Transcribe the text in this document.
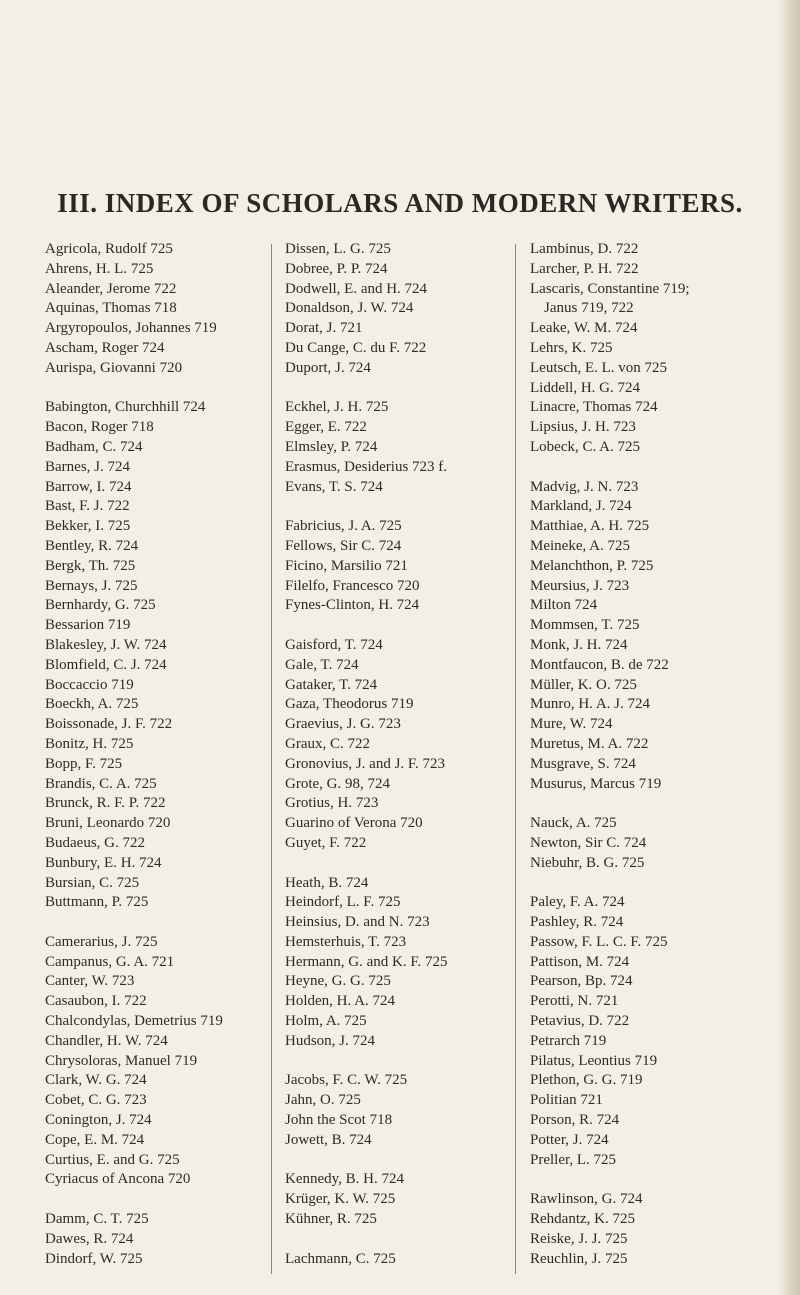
III. INDEX OF SCHOLARS AND MODERN WRITERS.
Agricola, Rudolf 725
Ahrens, H. L. 725
Aleander, Jerome 722
Aquinas, Thomas 718
Argyropoulos, Johannes 719
Ascham, Roger 724
Aurispa, Giovanni 720
Babington, Churchhill 724
Bacon, Roger 718
Badham, C. 724
Barnes, J. 724
Barrow, I. 724
Bast, F. J. 722
Bekker, I. 725
Bentley, R. 724
Bergk, Th. 725
Bernays, J. 725
Bernhardy, G. 725
Bessarion 719
Blakesley, J. W. 724
Blomfield, C. J. 724
Boccaccio 719
Boeckh, A. 725
Boissonade, J. F. 722
Bonitz, H. 725
Bopp, F. 725
Brandis, C. A. 725
Brunck, R. F. P. 722
Bruni, Leonardo 720
Budaeus, G. 722
Bunbury, E. H. 724
Bursian, C. 725
Buttmann, P. 725
Camerarius, J. 725
Campanus, G. A. 721
Canter, W. 723
Casaubon, I. 722
Chalcondylas, Demetrius 719
Chandler, H. W. 724
Chrysoloras, Manuel 719
Clark, W. G. 724
Cobet, C. G. 723
Conington, J. 724
Cope, E. M. 724
Curtius, E. and G. 725
Cyriacus of Ancona 720
Damm, C. T. 725
Dawes, R. 724
Dindorf, W. 725
Dissen, L. G. 725
Dobree, P. P. 724
Dodwell, E. and H. 724
Donaldson, J. W. 724
Dorat, J. 721
Du Cange, C. du F. 722
Duport, J. 724
Eckhel, J. H. 725
Egger, E. 722
Elmsley, P. 724
Erasmus, Desiderius 723 f.
Evans, T. S. 724
Fabricius, J. A. 725
Fellows, Sir C. 724
Ficino, Marsilio 721
Filelfo, Francesco 720
Fynes-Clinton, H. 724
Gaisford, T. 724
Gale, T. 724
Gataker, T. 724
Gaza, Theodorus 719
Graevius, J. G. 723
Graux, C. 722
Gronovius, J. and J. F. 723
Grote, G. 98, 724
Grotius, H. 723
Guarino of Verona 720
Guyet, F. 722
Heath, B. 724
Heindorf, L. F. 725
Heinsius, D. and N. 723
Hemsterhuis, T. 723
Hermann, G. and K. F. 725
Heyne, G. G. 725
Holden, H. A. 724
Holm, A. 725
Hudson, J. 724
Jacobs, F. C. W. 725
Jahn, O. 725
John the Scot 718
Jowett, B. 724
Kennedy, B. H. 724
Krüger, K. W. 725
Kühner, R. 725
Lachmann, C. 725
Lambinus, D. 722
Larcher, P. H. 722
Lascaris, Constantine 719;
Janus 719, 722
Leake, W. M. 724
Lehrs, K. 725
Leutsch, E. L. von 725
Liddell, H. G. 724
Linacre, Thomas 724
Lipsius, J. H. 723
Lobeck, C. A. 725
Madvig, J. N. 723
Markland, J. 724
Matthiae, A. H. 725
Meineke, A. 725
Melanchthon, P. 725
Meursius, J. 723
Milton 724
Mommsen, T. 725
Monk, J. H. 724
Montfaucon, B. de 722
Müller, K. O. 725
Munro, H. A. J. 724
Mure, W. 724
Muretus, M. A. 722
Musgrave, S. 724
Musurus, Marcus 719
Nauck, A. 725
Newton, Sir C. 724
Niebuhr, B. G. 725
Paley, F. A. 724
Pashley, R. 724
Passow, F. L. C. F. 725
Pattison, M. 724
Pearson, Bp. 724
Perotti, N. 721
Petavius, D. 722
Petrarch 719
Pilatus, Leontius 719
Plethon, G. G. 719
Politian 721
Porson, R. 724
Potter, J. 724
Preller, L. 725
Rawlinson, G. 724
Rehdantz, K. 725
Reiske, J. J. 725
Reuchlin, J. 725
